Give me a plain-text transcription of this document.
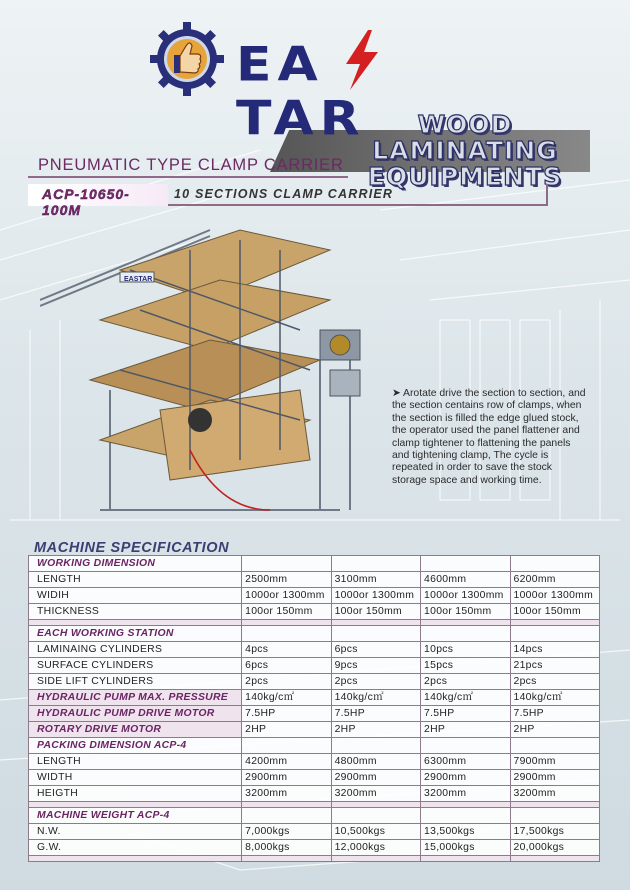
EATAR	WOOD LAMINATING
EQUIPMENTS
PNEUMATIC TYPE CLAMP CARRIER
ACP-10650-100M
10 SECTIONS CLAMP CARRIER
EASTAR
➤ Arotate drive the section to section, and the section centains row of clamps, when the section is filled the edge glued stock, the operator used the panel flattener and clamp tightener to flattening the panels and tightening clamp, The cycle is repeated in order to save the stock storage space and working time.
MACHINE SPECIFICATION
WORKING DIMENSION				
LENGTH	2500mm	3100mm	4600mm	6200mm
WIDIH	1000or 1300mm	1000or 1300mm	1000or 1300mm	1000or 1300mm
THICKNESS	100or 150mm	100or 150mm	100or 150mm	100or 150mm

EACH WORKING STATION				
LAMINAING CYLINDERS	4pcs	6pcs	10pcs	14pcs
SURFACE CYLINDERS	6pcs	9pcs	15pcs	21pcs
SIDE LIFT CYLINDERS	2pcs	2pcs	2pcs	2pcs
HYDRAULIC PUMP MAX. PRESSURE	140kg/c㎡	140kg/c㎡	140kg/c㎡	140kg/c㎡
HYDRAULIC PUMP DRIVE MOTOR	7.5HP	7.5HP	7.5HP	7.5HP
ROTARY DRIVE MOTOR	2HP	2HP	2HP	2HP
PACKING DIMENSION ACP-4				
LENGTH	4200mm	4800mm	6300mm	7900mm
WIDTH	2900mm	2900mm	2900mm	2900mm
HEIGTH	3200mm	3200mm	3200mm	3200mm

MACHINE WEIGHT ACP-4				
N.W.	7,000kgs	10,500kgs	13,500kgs	17,500kgs
G.W.	8,000kgs	12,000kgs	15,000kgs	20,000kgs
